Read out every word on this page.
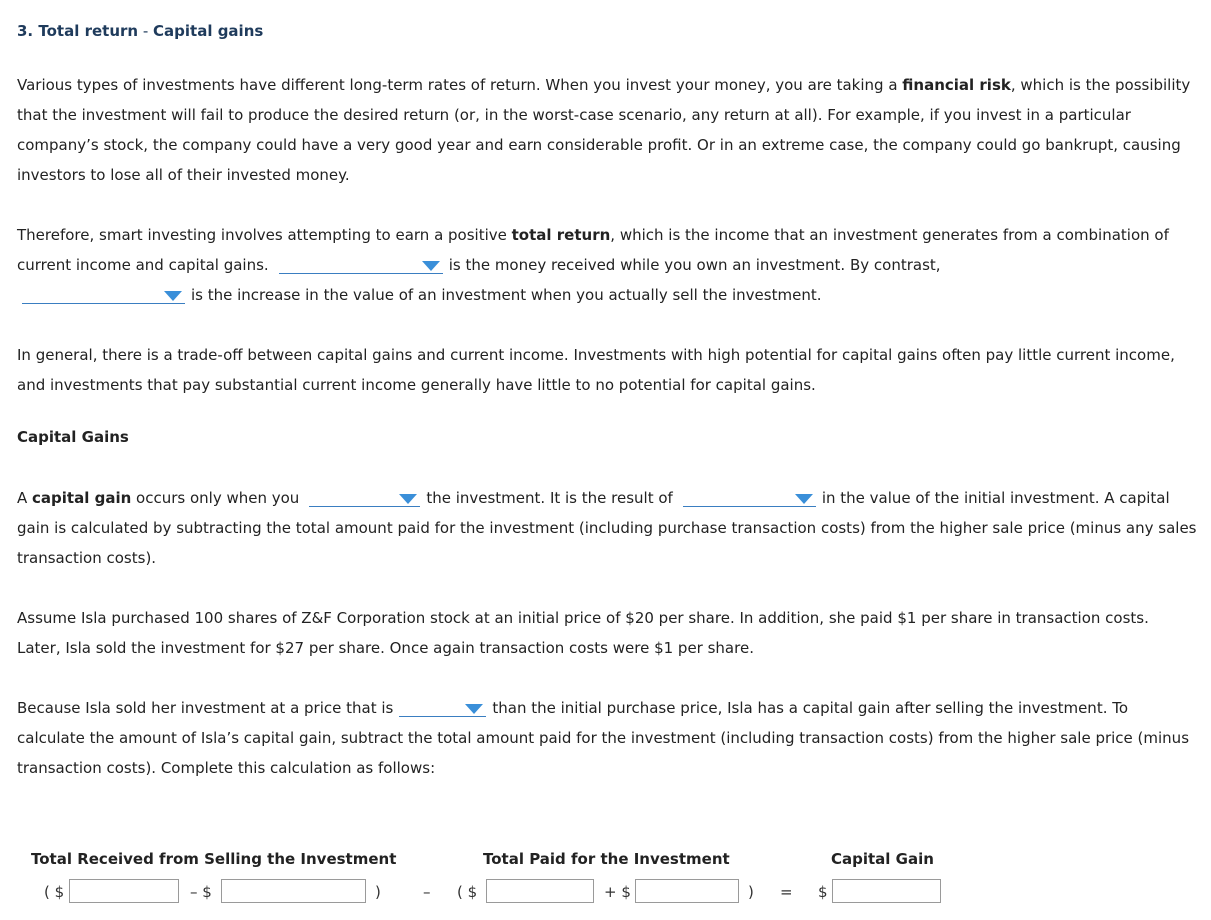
3. Total return - Capital gains

Various types of investments have different long-term rates of return. When you invest your money, you are taking a financial risk, which is the possibility that the investment will fail to produce the desired return (or, in the worst-case scenario, any return at all). For example, if you invest in a particular company’s stock, the company could have a very good year and earn considerable profit. Or in an extreme case, the company could go bankrupt, causing investors to lose all of their invested money.

Therefore, smart investing involves attempting to earn a positive total return, which is the income that an investment generates from a combination of current income and capital gains.	is the money received while you own an investment. By contrast,

is the increase in the value of an investment when you actually sell the investment.

In general, there is a trade-off between capital gains and current income. Investments with high potential for capital gains often pay little current income, and investments that pay substantial current income generally have little to no potential for capital gains.

Capital Gains

A capital gain occurs only when you	the investment. It is the result of	in the value of the initial investment. A capital gain is calculated by subtracting the total amount paid for the investment (including purchase transaction costs) from the higher sale price (minus any sales transaction costs).

Assume Isla purchased 100 shares of Z&F Corporation stock at an initial price of $20 per share. In addition, she paid $1 per share in transaction costs. Later, Isla sold the investment for $27 per share. Once again transaction costs were $1 per share.

Because Isla sold her investment at a price that is	than the initial purchase price, Isla has a capital gain after selling the investment. To calculate the amount of Isla’s capital gain, subtract the total amount paid for the investment (including transaction costs) from the higher sale price (minus transaction costs). Complete this calculation as follows:

Total Received from Selling the Investment	Total Paid for the Investment	Capital Gain
( $	– $	)	– ( $	+ $	) = $
